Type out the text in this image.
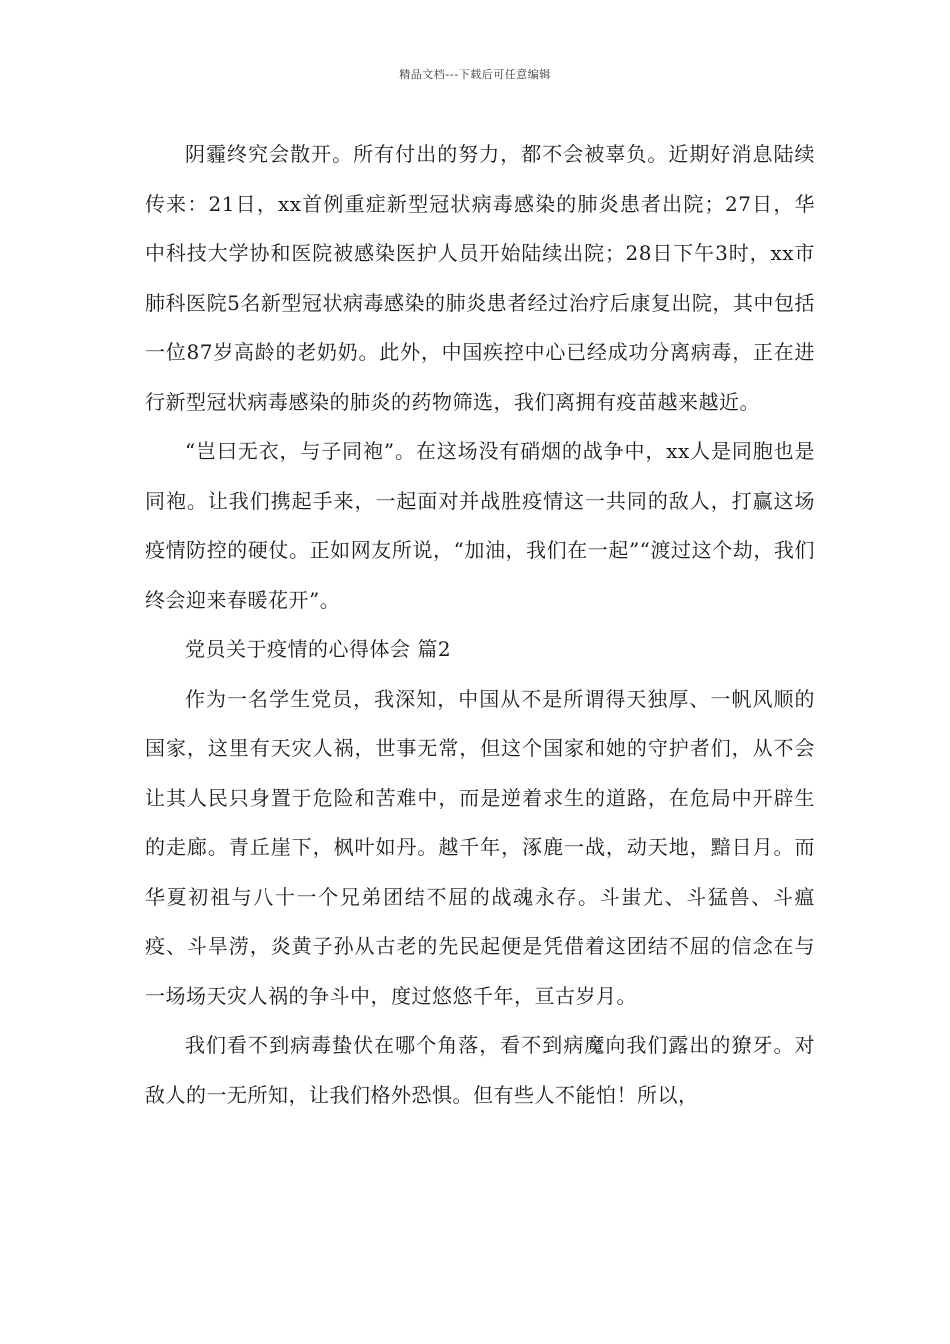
精品文档---下载后可任意编辑

阴霾终究会散开。所有付出的努力，都不会被辜负。近期好消息陆续传来：21日，xx首例重症新型冠状病毒感染的肺炎患者出院；27日，华中科技大学协和医院被感染医护人员开始陆续出院；28日下午3时，xx市肺科医院5名新型冠状病毒感染的肺炎患者经过治疗后康复出院，其中包括一位87岁高龄的老奶奶。此外，中国疾控中心已经成功分离病毒，正在进行新型冠状病毒感染的肺炎的药物筛选，我们离拥有疫苗越来越近。

“岂曰无衣，与子同袍”。在这场没有硝烟的战争中，xx人是同胞也是同袍。让我们携起手来，一起面对并战胜疫情这一共同的敌人，打赢这场疫情防控的硬仗。正如网友所说，“加油，我们在一起”“渡过这个劫，我们终会迎来春暖花开”。

党员关于疫情的心得体会 篇2

作为一名学生党员，我深知，中国从不是所谓得天独厚、一帆风顺的国家，这里有天灾人祸，世事无常，但这个国家和她的守护者们，从不会让其人民只身置于危险和苦难中，而是逆着求生的道路，在危局中开辟生的走廊。青丘崖下，枫叶如丹。越千年，涿鹿一战，动天地，黯日月。而华夏初祖与八十一个兄弟团结不屈的战魂永存。斗蚩尤、斗猛兽、斗瘟疫、斗旱涝，炎黄子孙从古老的先民起便是凭借着这团结不屈的信念在与一场场天灾人祸的争斗中，度过悠悠千年，亘古岁月。

我们看不到病毒蛰伏在哪个角落，看不到病魔向我们露出的獠牙。对敌人的一无所知，让我们格外恐惧。但有些人不能怕！所以，
